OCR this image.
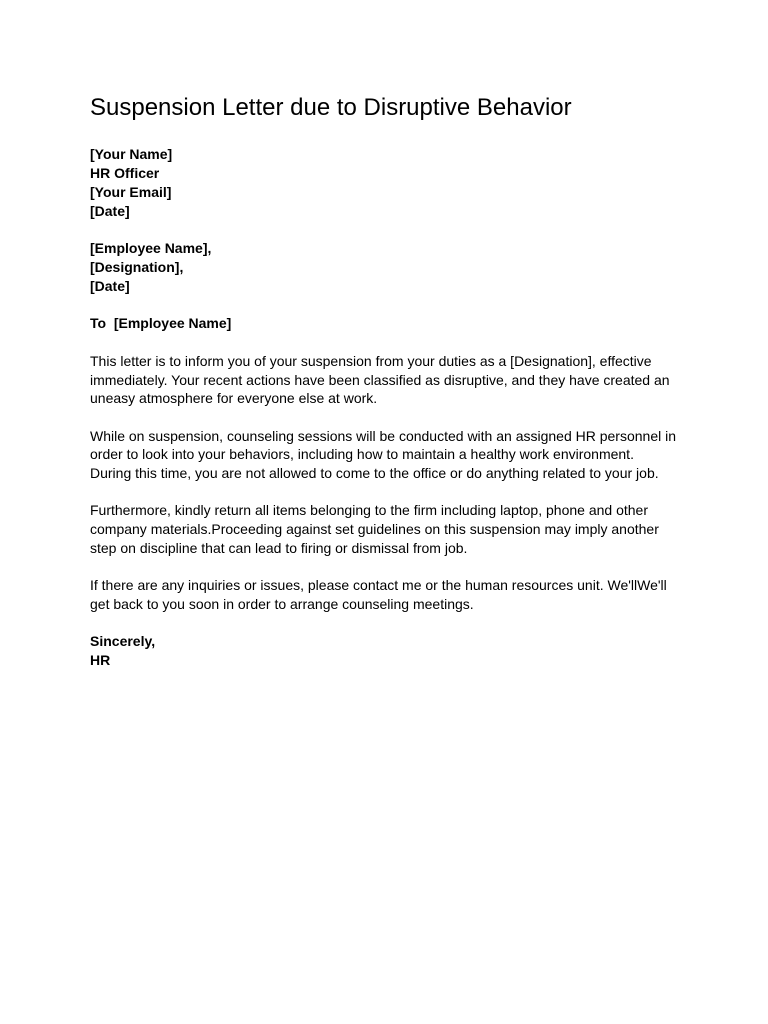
Suspension Letter due to Disruptive Behavior
[Your Name]
HR Officer
[Your Email]
[Date]
[Employee Name],
[Designation],
[Date]
To  [Employee Name]

This letter is to inform you of your suspension from your duties as a [Designation], effective immediately. Your recent actions have been classified as disruptive, and they have created an uneasy atmosphere for everyone else at work.

While on suspension, counseling sessions will be conducted with an assigned HR personnel in order to look into your behaviors, including how to maintain a healthy work environment. During this time, you are not allowed to come to the office or do anything related to your job.

Furthermore, kindly return all items belonging to the firm including laptop, phone and other company materials.Proceeding against set guidelines on this suspension may imply another step on discipline that can lead to firing or dismissal from job.

If there are any inquiries or issues, please contact me or the human resources unit. We'llWe'll get back to you soon in order to arrange counseling meetings.

Sincerely,
HR
